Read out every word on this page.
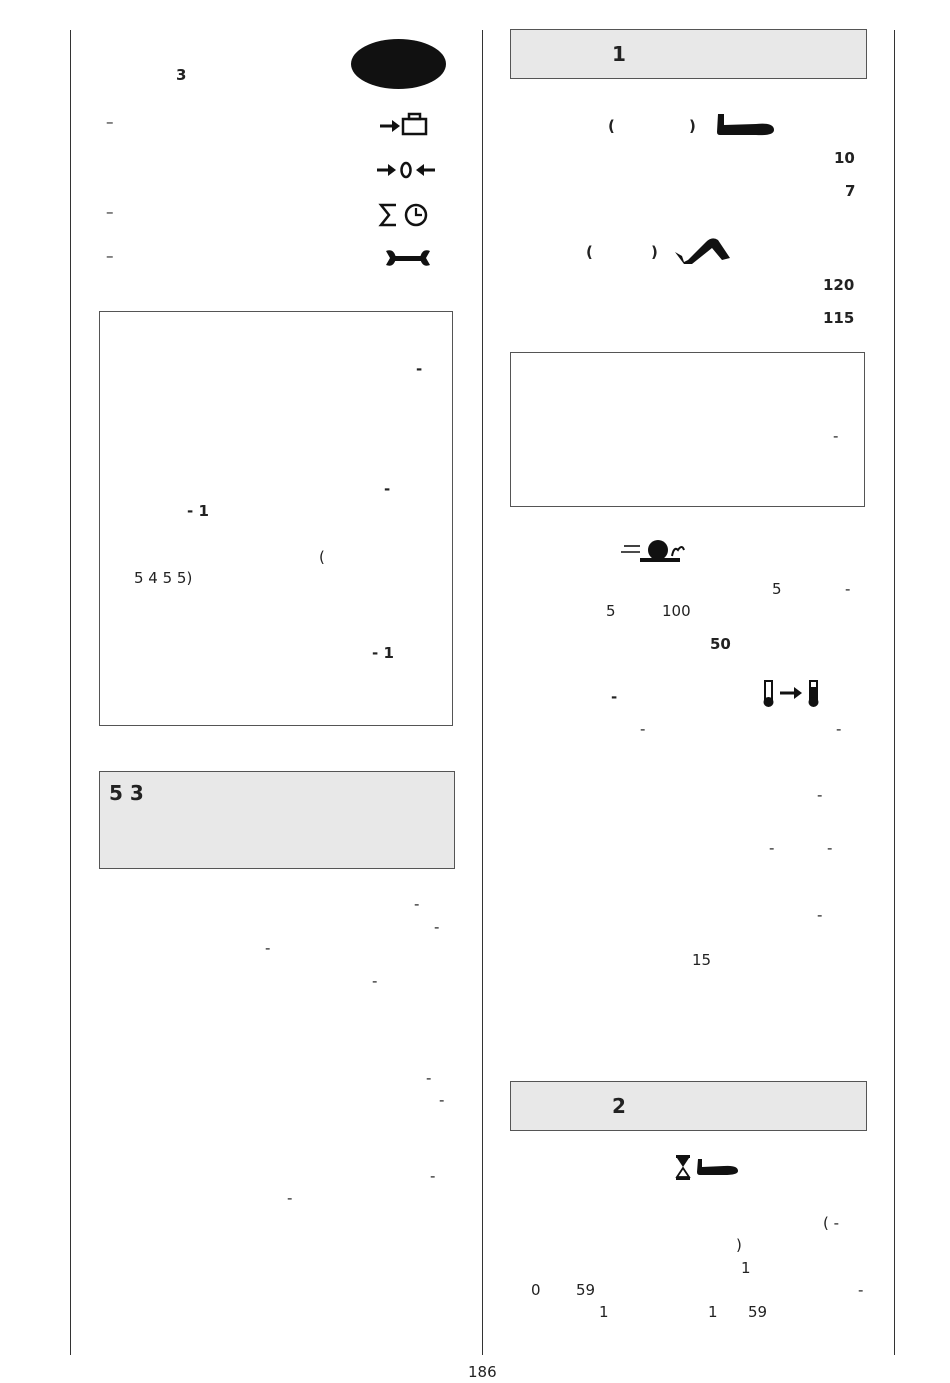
3
–
–
–
-
-
- 1
(
5 4 5 5)
- 1
5 3
-
-
-
-
-
-
-
-
1
(	)
10
7
(	)
120
115
-
5	-
5	100
50
-
-	-
-
-	-
-
15
2
( -
)
1
0 59	-
1	1 59
186
